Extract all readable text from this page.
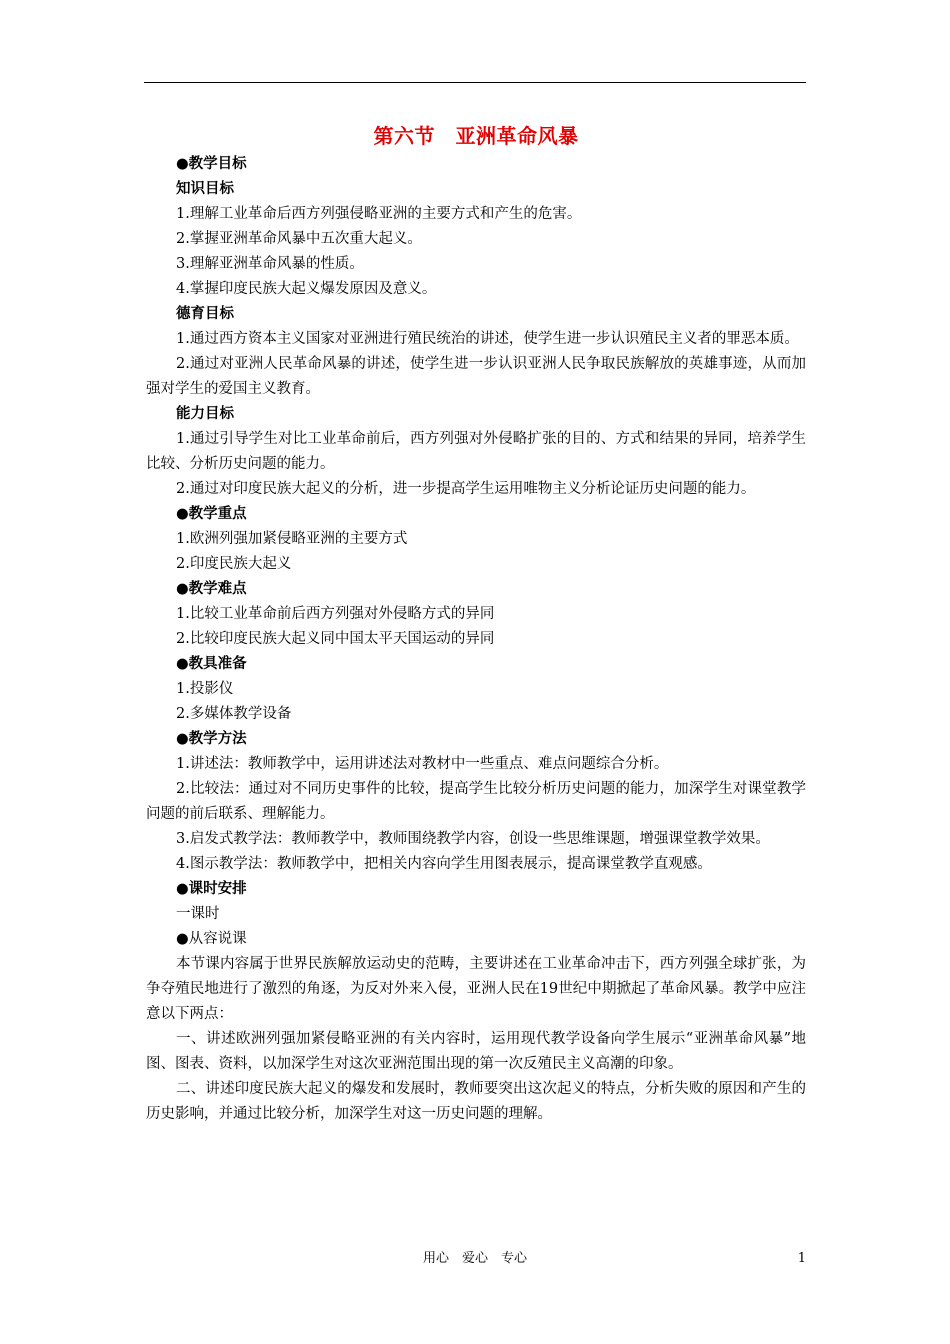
第六节　亚洲革命风暴
●教学目标
知识目标
1.理解工业革命后西方列强侵略亚洲的主要方式和产生的危害。
2.掌握亚洲革命风暴中五次重大起义。
3.理解亚洲革命风暴的性质。
4.掌握印度民族大起义爆发原因及意义。
德育目标

1.通过西方资本主义国家对亚洲进行殖民统治的讲述，使学生进一步认识殖民主义者的罪恶本质。

2.通过对亚洲人民革命风暴的讲述，使学生进一步认识亚洲人民争取民族解放的英雄事迹，从而加强对学生的爱国主义教育。

能力目标

1.通过引导学生对比工业革命前后，西方列强对外侵略扩张的目的、方式和结果的异同，培养学生比较、分析历史问题的能力。

2.通过对印度民族大起义的分析，进一步提高学生运用唯物主义分析论证历史问题的能力。

●教学重点
1.欧洲列强加紧侵略亚洲的主要方式
2.印度民族大起义
●教学难点
1.比较工业革命前后西方列强对外侵略方式的异同
2.比较印度民族大起义同中国太平天国运动的异同
●教具准备
1.投影仪
2.多媒体教学设备
●教学方法
1.讲述法：教师教学中，运用讲述法对教材中一些重点、难点问题综合分析。

2.比较法：通过对不同历史事件的比较，提高学生比较分析历史问题的能力，加深学生对课堂教学问题的前后联系、理解能力。

3.启发式教学法：教师教学中，教师围绕教学内容，创设一些思维课题，增强课堂教学效果。

4.图示教学法：教师教学中，把相关内容向学生用图表展示，提高课堂教学直观感。
●课时安排
一课时
●从容说课

本节课内容属于世界民族解放运动史的范畴，主要讲述在工业革命冲击下，西方列强全球扩张，为争夺殖民地进行了激烈的角逐，为反对外来入侵，亚洲人民在19世纪中期掀起了革命风暴。教学中应注意以下两点：

一、讲述欧洲列强加紧侵略亚洲的有关内容时，运用现代教学设备向学生展示“亚洲革命风暴”地图、图表、资料，以加深学生对这次亚洲范围出现的第一次反殖民主义高潮的印象。

二、讲述印度民族大起义的爆发和发展时，教师要突出这次起义的特点，分析失败的原因和产生的历史影响，并通过比较分析，加深学生对这一历史问题的理解。

用心　爱心　专心	1
